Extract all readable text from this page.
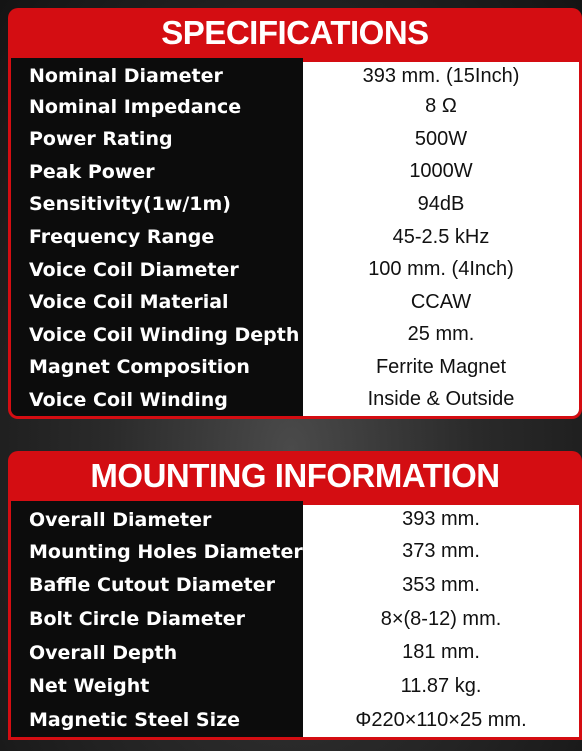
SPECIFICATIONS
Nominal Diameter	393 mm. (15Inch)
Nominal Impedance	8 Ω
Power Rating	500W
Peak Power	1000W
Sensitivity(1w/1m)	94dB
Frequency Range	45-2.5 kHz
Voice Coil Diameter	100 mm. (4Inch)
Voice Coil Material	CCAW
Voice Coil Winding Depth	25 mm.
Magnet Composition	Ferrite Magnet
Voice Coil Winding	Inside & Outside
MOUNTING INFORMATION
Overall Diameter	393 mm.
Mounting Holes Diameter	373 mm.
Baffle Cutout Diameter	353 mm.
Bolt Circle Diameter	8×(8-12) mm.
Overall Depth	181 mm.
Net Weight	11.87 kg.
Magnetic Steel Size	Φ220×110×25 mm.
